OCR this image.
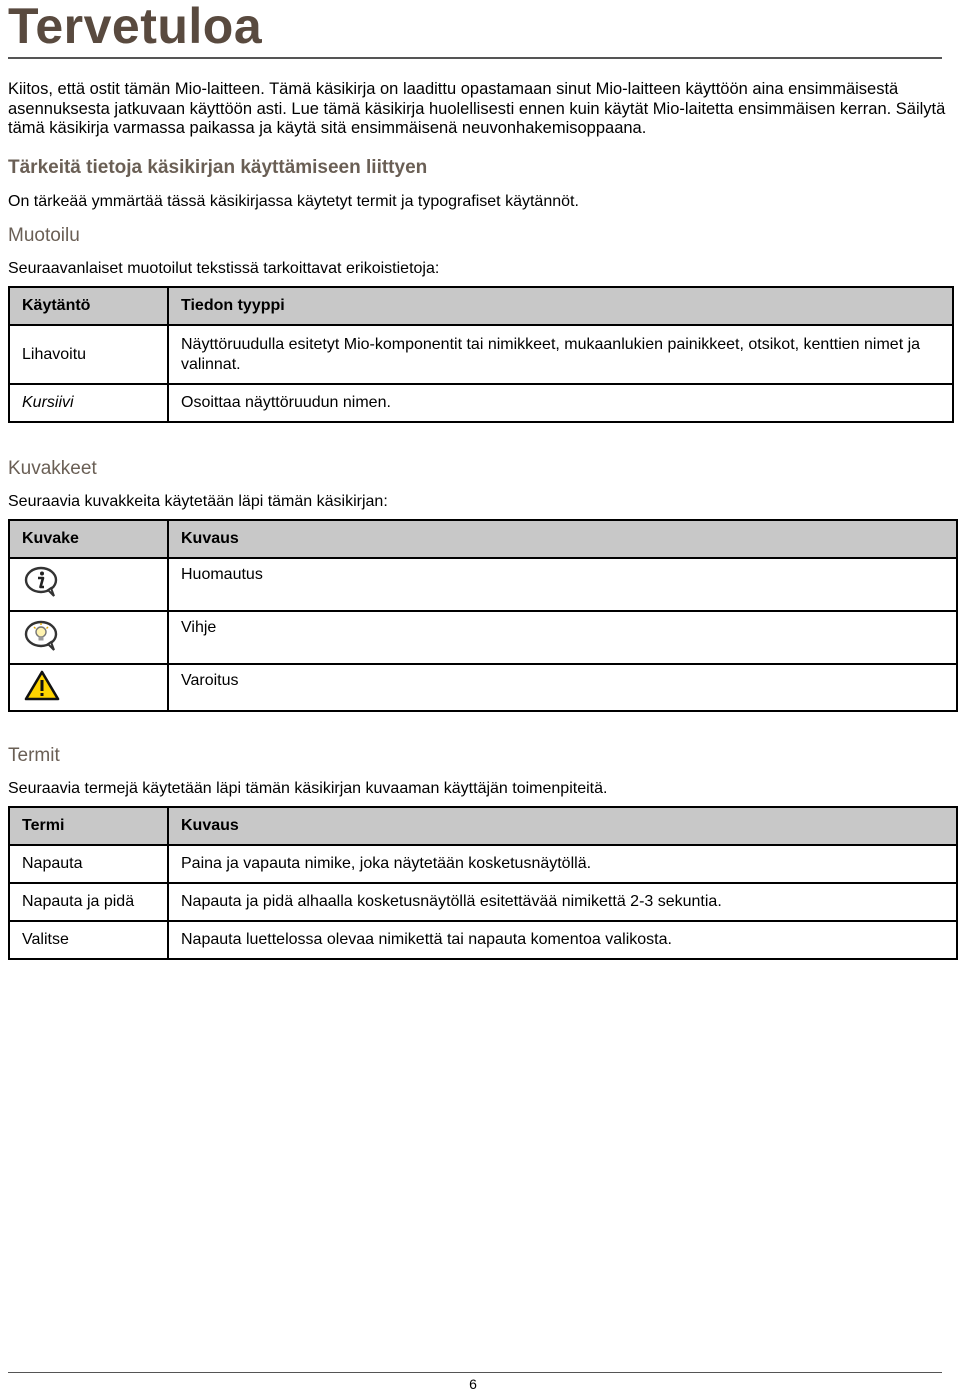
Tervetuloa

Kiitos, että ostit tämän Mio-laitteen. Tämä käsikirja on laadittu opastamaan sinut Mio-laitteen käyttöön aina ensimmäisestä asennuksesta jatkuvaan käyttöön asti. Lue tämä käsikirja huolellisesti ennen kuin käytät Mio-laitetta ensimmäisen kerran. Säilytä tämä käsikirja varmassa paikassa ja käytä sitä ensimmäisenä neuvonhakemisoppaana.

Tärkeitä tietoja käsikirjan käyttämiseen liittyen

On tärkeää ymmärtää tässä käsikirjassa käytetyt termit ja typografiset käytännöt.

Muotoilu

Seuraavanlaiset muotoilut tekstissä tarkoittavat erikoistietoja:

Käytäntö	Tiedon tyyppi
Lihavoitu	Näyttöruudulla esitetyt Mio-komponentit tai nimikkeet, mukaanlukien painikkeet, otsikot, kenttien nimet ja valinnat.
Kursiivi	Osoittaa näyttöruudun nimen.
Kuvakkeet

Seuraavia kuvakkeita käytetään läpi tämän käsikirjan:

Kuvake	Kuvaus
	Huomautus
	Vihje
	Varoitus
Termit

Seuraavia termejä käytetään läpi tämän käsikirjan kuvaaman käyttäjän toimenpiteitä.

Termi	Kuvaus
Napauta	Paina ja vapauta nimike, joka näytetään kosketusnäytöllä.
Napauta ja pidä	Napauta ja pidä alhaalla kosketusnäytöllä esitettävää nimikettä 2-3 sekuntia.
Valitse	Napauta luettelossa olevaa nimikettä tai napauta komentoa valikosta.
6
